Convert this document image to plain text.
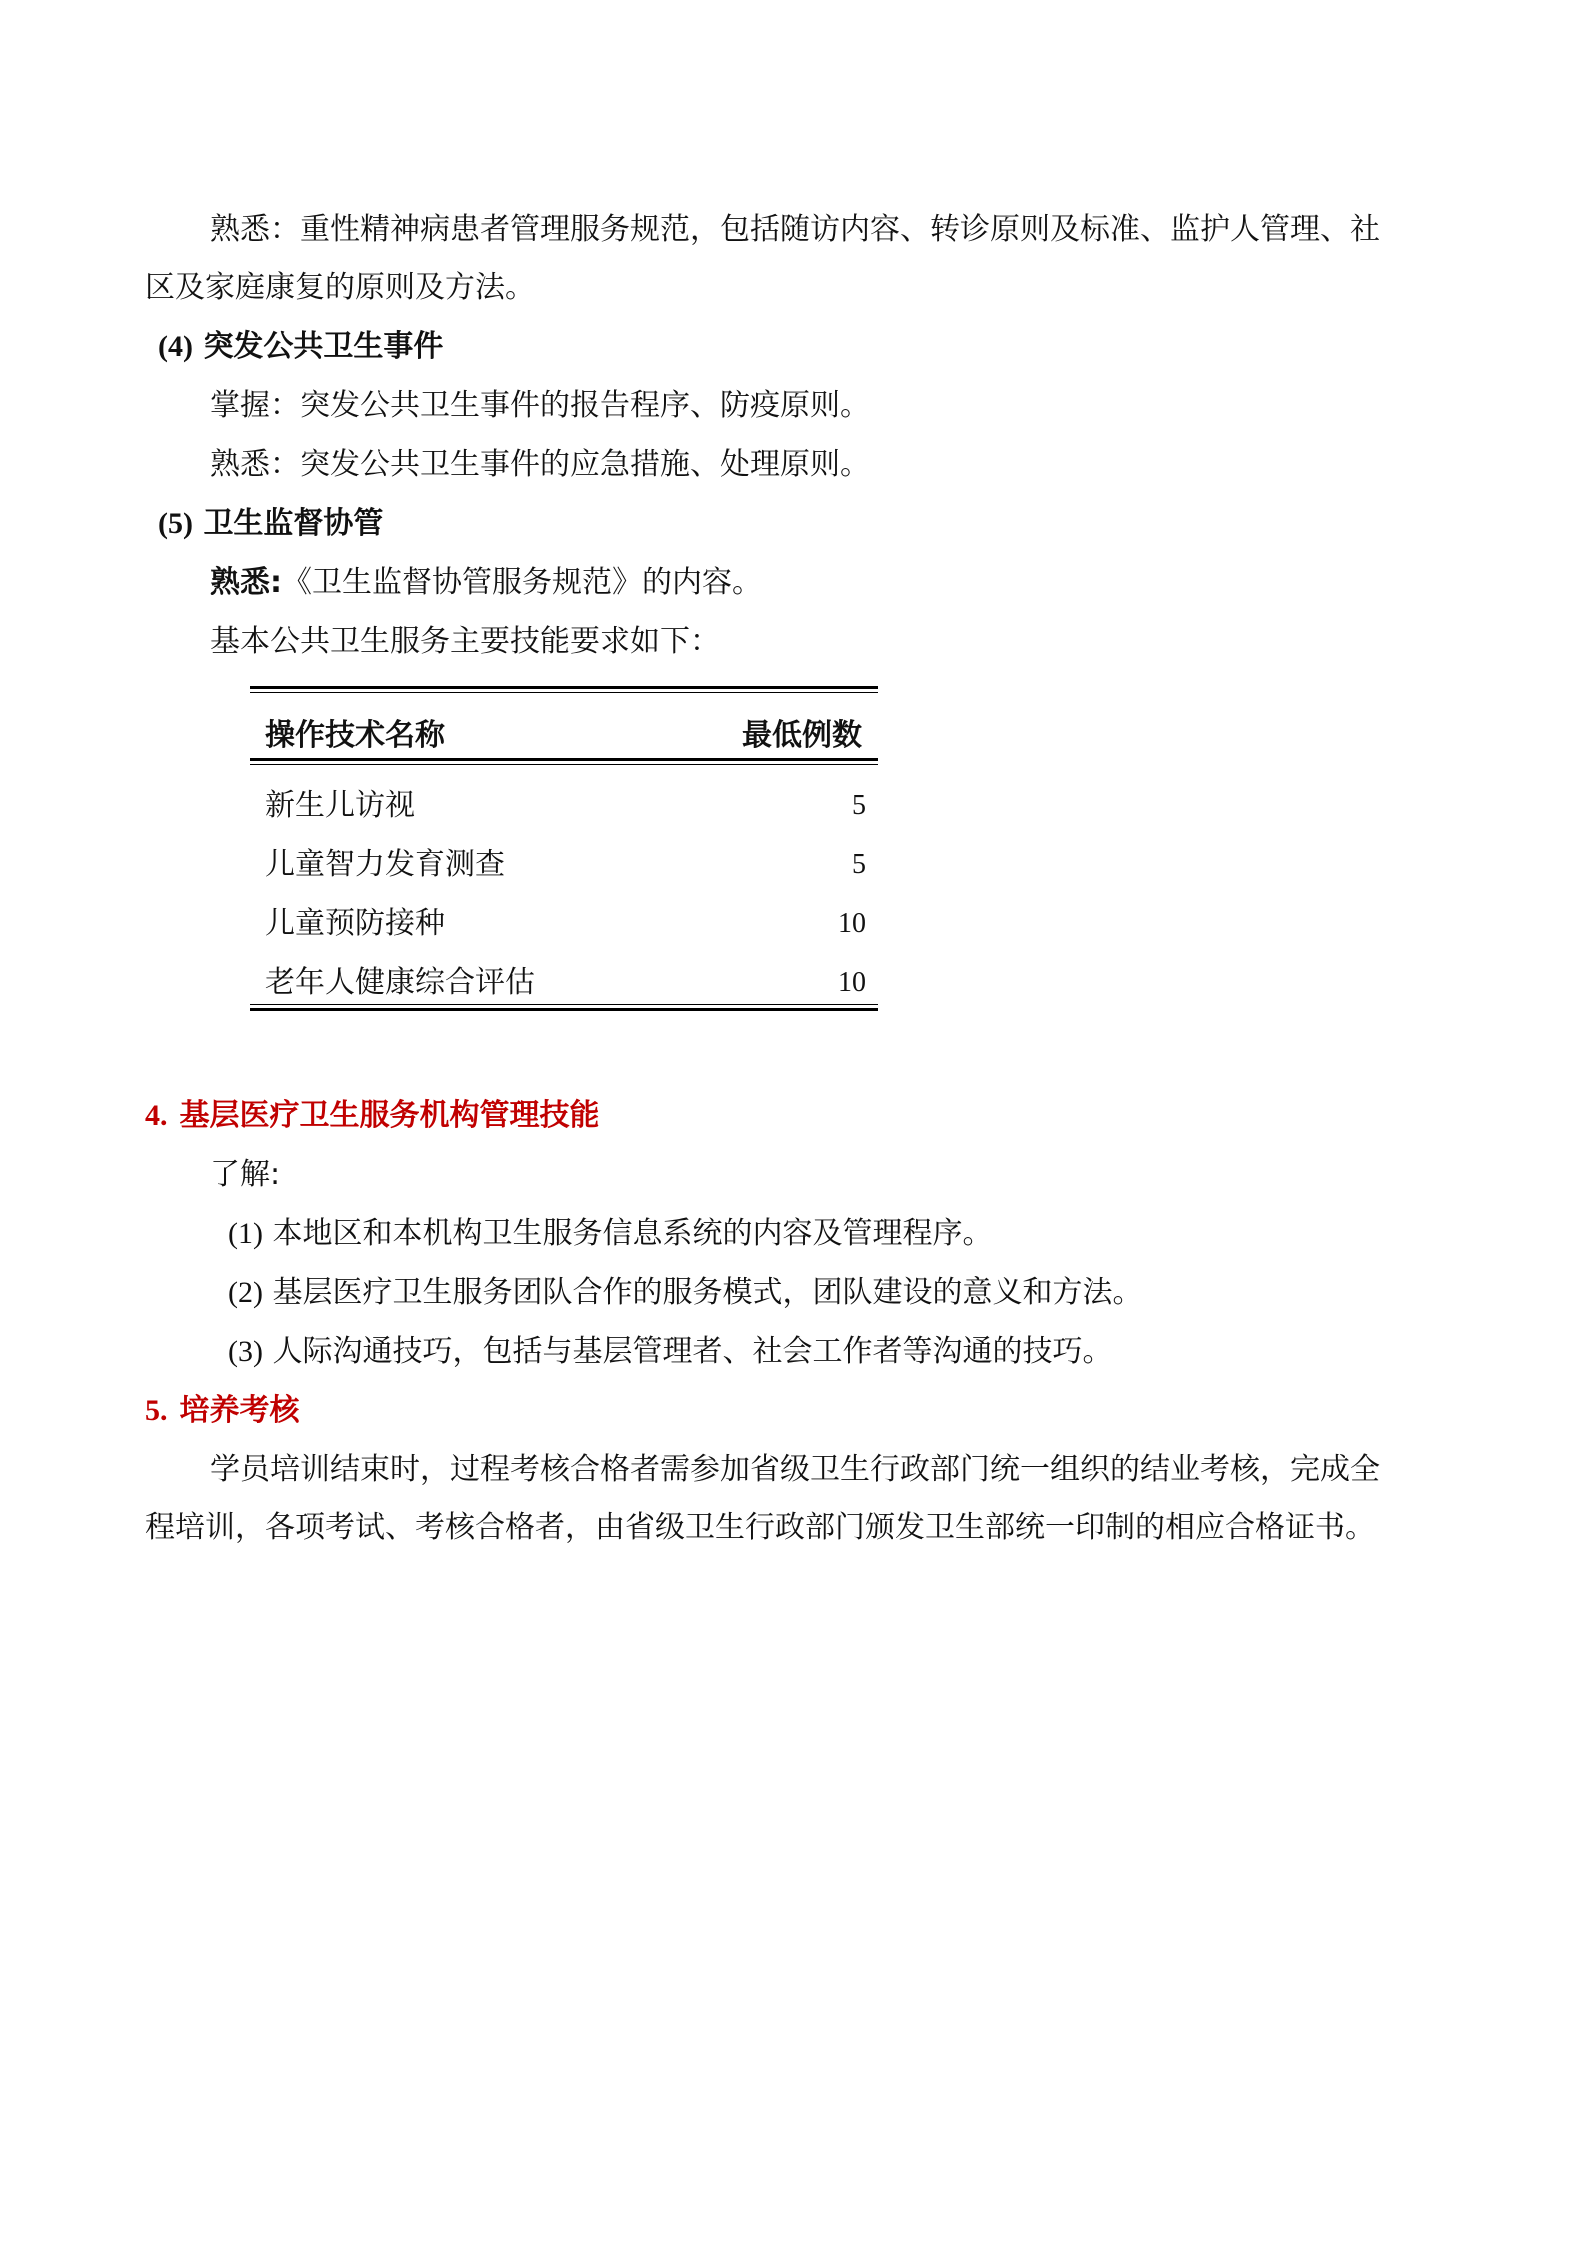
熟悉：重性精神病患者管理服务规范，包括随访内容、转诊原则及标准、监护人管理、社
区及家庭康复的原则及方法。
(4) 突发公共卫生事件
掌握：突发公共卫生事件的报告程序、防疫原则。
熟悉：突发公共卫生事件的应急措施、处理原则。
(5) 卫生监督协管
熟悉:《卫生监督协管服务规范》的内容。
基本公共卫生服务主要技能要求如下：
操作技术名称	最低例数
新生儿访视	5
儿童智力发育测查	5
儿童预防接种	10
老年人健康综合评估	10
4. 基层医疗卫生服务机构管理技能
了解:
(1) 本地区和本机构卫生服务信息系统的内容及管理程序。
(2) 基层医疗卫生服务团队合作的服务模式，团队建设的意义和方法。
(3) 人际沟通技巧，包括与基层管理者、社会工作者等沟通的技巧。
5. 培养考核
学员培训结束时，过程考核合格者需参加省级卫生行政部门统一组织的结业考核，完成全
程培训，各项考试、考核合格者，由省级卫生行政部门颁发卫生部统一印制的相应合格证书。
